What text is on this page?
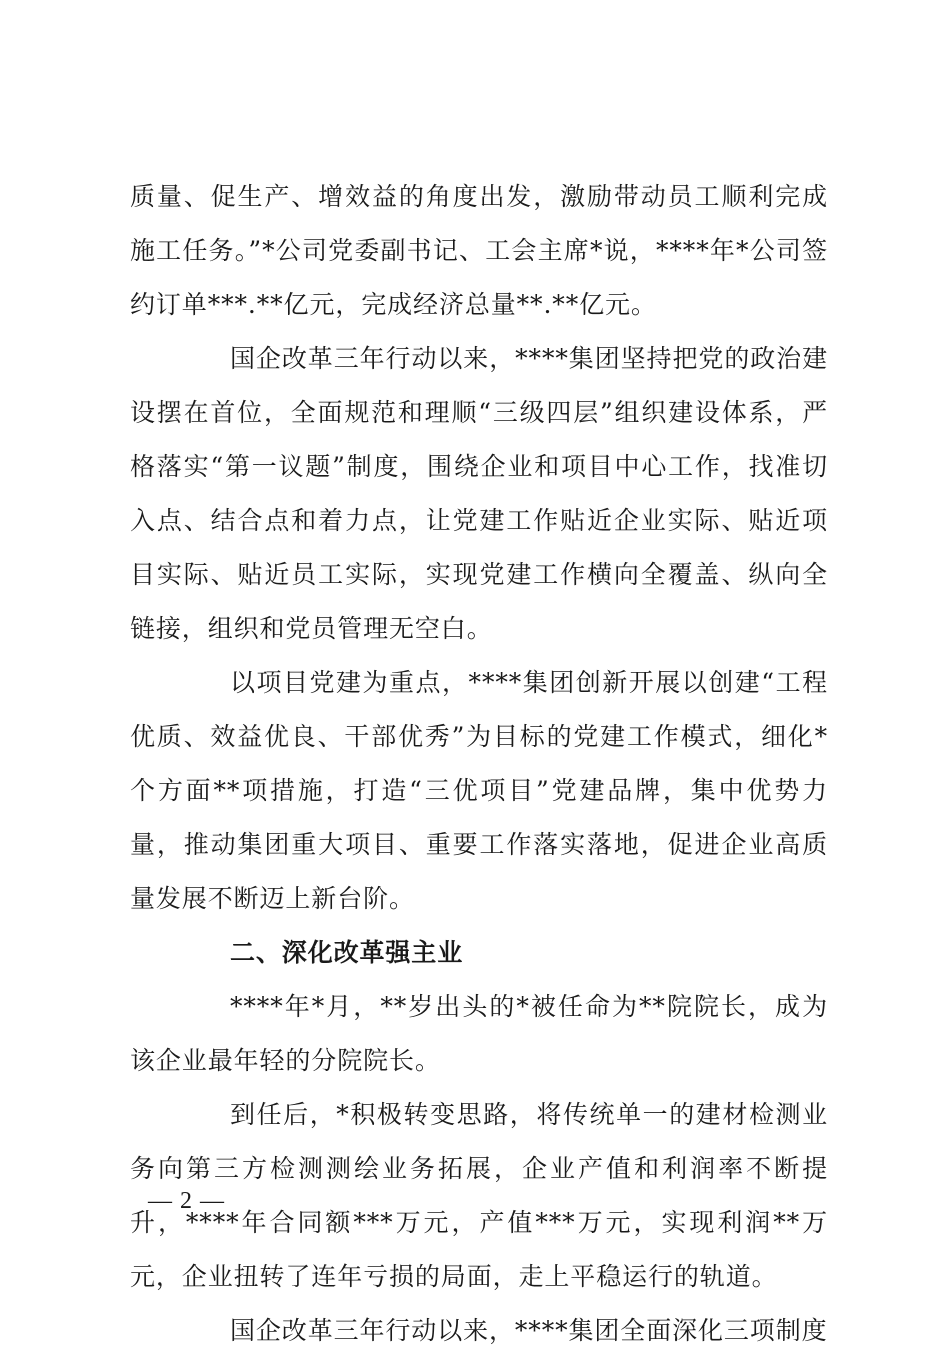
质量、促生产、增效益的角度出发，激励带动员工顺利完成施工任务。”*公司党委副书记、工会主席*说，****年*公司签约订单***.**亿元，完成经济总量**.**亿元。

国企改革三年行动以来，****集团坚持把党的政治建设摆在首位，全面规范和理顺“三级四层”组织建设体系，严格落实“第一议题”制度，围绕企业和项目中心工作，找准切入点、结合点和着力点，让党建工作贴近企业实际、贴近项目实际、贴近员工实际，实现党建工作横向全覆盖、纵向全链接，组织和党员管理无空白。

以项目党建为重点，****集团创新开展以创建“工程优质、效益优良、干部优秀”为目标的党建工作模式，细化*个方面**项措施，打造“三优项目”党建品牌，集中优势力量，推动集团重大项目、重要工作落实落地，促进企业高质量发展不断迈上新台阶。

二、深化改革强主业

****年*月，**岁出头的*被任命为**院院长，成为该企业最年轻的分院院长。

到任后，*积极转变思路，将传统单一的建材检测业务向第三方检测测绘业务拓展，企业产值和利润率不断提升，****年合同额***万元，产值***万元，实现利润**万元，企业扭转了连年亏损的局面，走上平稳运行的轨道。

国企改革三年行动以来，****集团全面深化三项制度

— 2 —
